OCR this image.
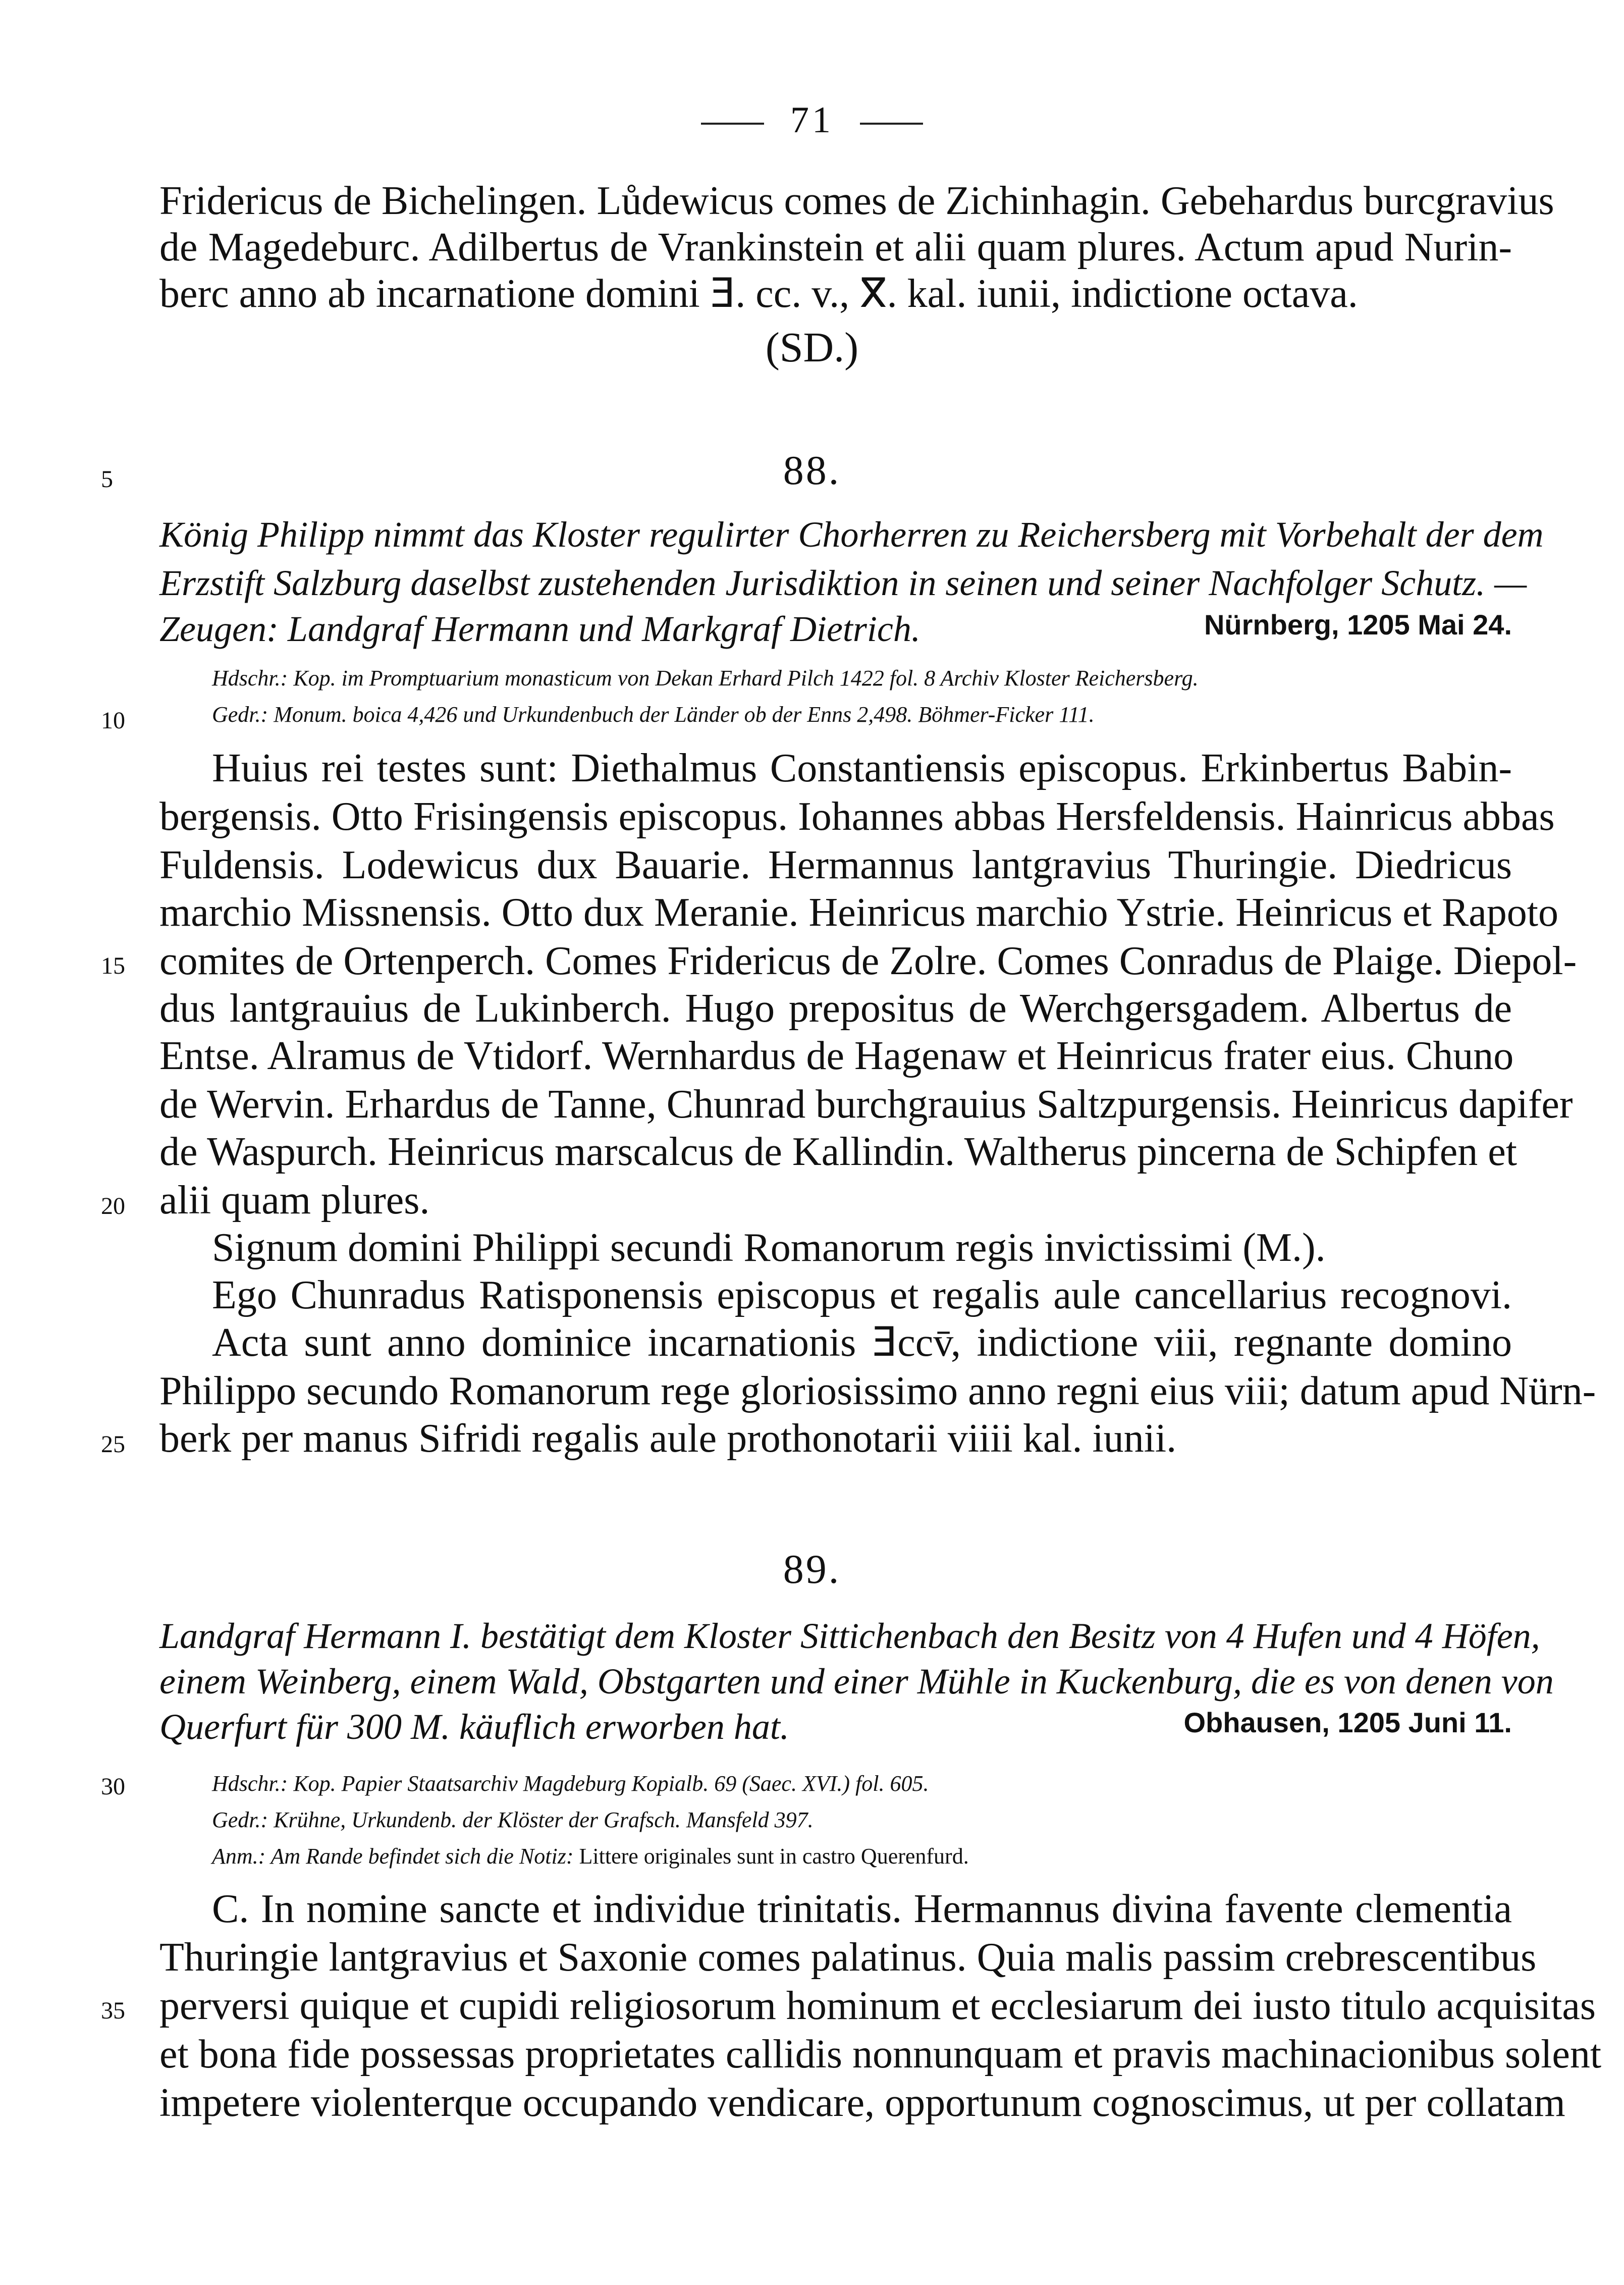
71
Fridericus de Bichelingen. Lůdewicus comes de Zichinhagin. Gebehardus burcgravius
de Magedeburc. Adilbertus de Vrankinstein et alii quam plures. Actum apud Nurin-
berc anno ab incarnatione domini ⴺ. cc. v., ⴳ. kal. iunii, indictione octava.
(SD.)
5	88.
König Philipp nimmt das Kloster regulirter Chorherren zu Reichersberg mit Vorbehalt der dem
Erzstift Salzburg daselbst zustehenden Jurisdiktion in seinen und seiner Nachfolger Schutz. —
Zeugen: Landgraf Hermann und Markgraf Dietrich.	Nürnberg, 1205 Mai 24.
Hdschr.: Kop. im Promptuarium monasticum von Dekan Erhard Pilch 1422 fol. 8 Archiv Kloster Reichersberg.
10	Gedr.: Monum. boica 4,426 und Urkundenbuch der Länder ob der Enns 2,498. Böhmer-Ficker 111.
Huius rei testes sunt: Diethalmus Constantiensis episcopus. Erkinbertus Babin-
bergensis. Otto Frisingensis episcopus. Iohannes abbas Hersfeldensis. Hainricus abbas
Fuldensis. Lodewicus dux Bauarie. Hermannus lantgravius Thuringie. Diedricus
marchio Missnensis. Otto dux Meranie. Heinricus marchio Ystrie. Heinricus et Rapoto
15 comites de Ortenperch. Comes Fridericus de Zolre. Comes Conradus de Plaige. Diepol-
dus lantgrauius de Lukinberch. Hugo prepositus de Werchgersgadem. Albertus de
Entse. Alramus de Vtidorf. Wernhardus de Hagenaw et Heinricus frater eius. Chuno
de Wervin. Erhardus de Tanne, Chunrad burchgrauius Saltzpurgensis. Heinricus dapifer
de Waspurch. Heinricus marscalcus de Kallindin. Waltherus pincerna de Schipfen et
20 alii quam plures.
Signum domini Philippi secundi Romanorum regis invictissimi (M.).
Ego Chunradus Ratisponensis episcopus et regalis aule cancellarius recognovi.
Acta sunt anno dominice incarnationis ⴺccv̄, indictione viii, regnante domino
Philippo secundo Romanorum rege gloriosissimo anno regni eius viii; datum apud Nürn-
25 berk per manus Sifridi regalis aule prothonotarii viiii kal. iunii.
89.
Landgraf Hermann I. bestätigt dem Kloster Sittichenbach den Besitz von 4 Hufen und 4 Höfen,
einem Weinberg, einem Wald, Obstgarten und einer Mühle in Kuckenburg, die es von denen von
Querfurt für 300 M. käuflich erworben hat.	Obhausen, 1205 Juni 11.
30	Hdschr.: Kop. Papier Staatsarchiv Magdeburg Kopialb. 69 (Saec. XVI.) fol. 605.
Gedr.: Krühne, Urkundenb. der Klöster der Grafsch. Mansfeld 397.
Anm.: Am Rande befindet sich die Notiz: Littere originales sunt in castro Querenfurd.
C. In nomine sancte et individue trinitatis. Hermannus divina favente clementia
Thuringie lantgravius et Saxonie comes palatinus. Quia malis passim crebrescentibus
35 perversi quique et cupidi religiosorum hominum et ecclesiarum dei iusto titulo acquisitas
et bona fide possessas proprietates callidis nonnunquam et pravis machinacionibus solent
impetere violenterque occupando vendicare, opportunum cognoscimus, ut per collatam
